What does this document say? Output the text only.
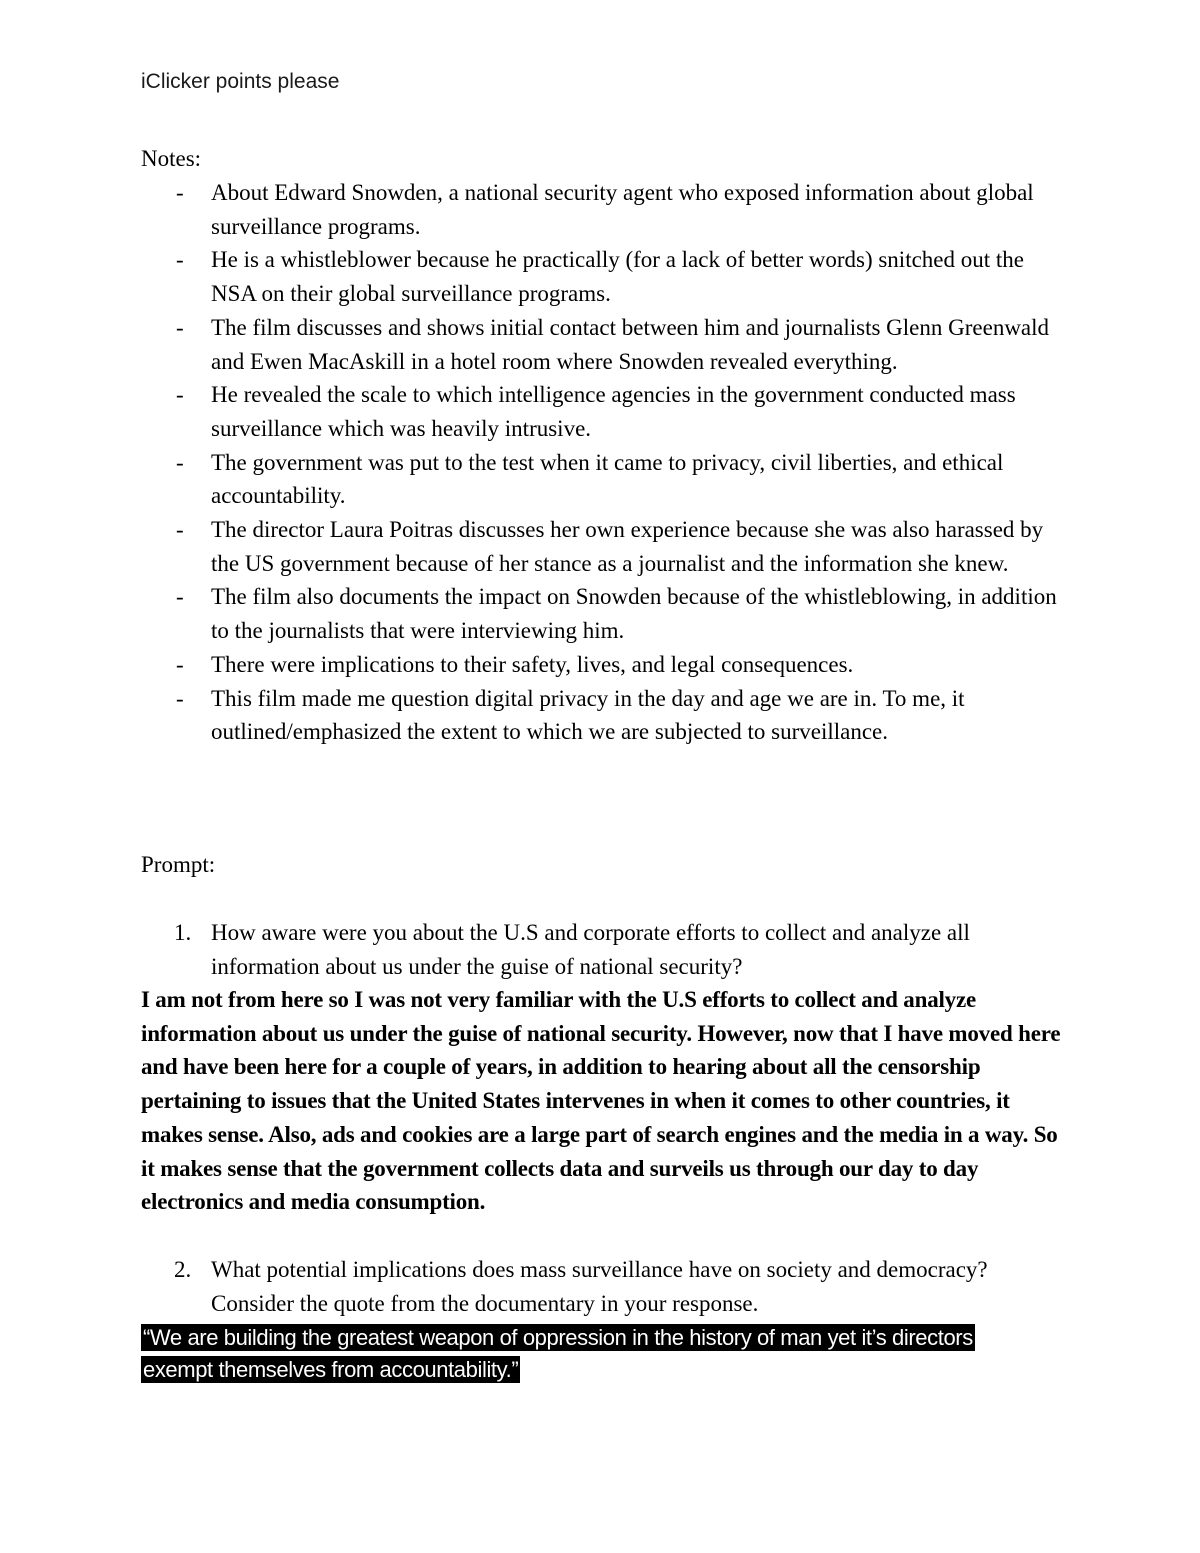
iClicker points please
Notes:
- About Edward Snowden, a national security agent who exposed information about global surveillance programs.
- He is a whistleblower because he practically (for a lack of better words) snitched out the NSA on their global surveillance programs.
- The film discusses and shows initial contact between him and journalists Glenn Greenwald and Ewen MacAskill in a hotel room where Snowden revealed everything.
- He revealed the scale to which intelligence agencies in the government conducted mass surveillance which was heavily intrusive.
- The government was put to the test when it came to privacy, civil liberties, and ethical accountability.
- The director Laura Poitras discusses her own experience because she was also harassed by the US government because of her stance as a journalist and the information she knew.
- The film also documents the impact on Snowden because of the whistleblowing, in addition to the journalists that were interviewing him.
- There were implications to their safety, lives, and legal consequences.
- This film made me question digital privacy in the day and age we are in. To me, it outlined/emphasized the extent to which we are subjected to surveillance.
Prompt:
1. How aware were you about the U.S and corporate efforts to collect and analyze all information about us under the guise of national security?
I am not from here so I was not very familiar with the U.S efforts to collect and analyze information about us under the guise of national security. However, now that I have moved here and have been here for a couple of years, in addition to hearing about all the censorship pertaining to issues that the United States intervenes in when it comes to other countries, it makes sense. Also, ads and cookies are a large part of search engines and the media in a way. So it makes sense that the government collects data and surveils us through our day to day electronics and media consumption.
2. What potential implications does mass surveillance have on society and democracy? Consider the quote from the documentary in your response.
“We are building the greatest weapon of oppression in the history of man yet it’s directors exempt themselves from accountability.”
